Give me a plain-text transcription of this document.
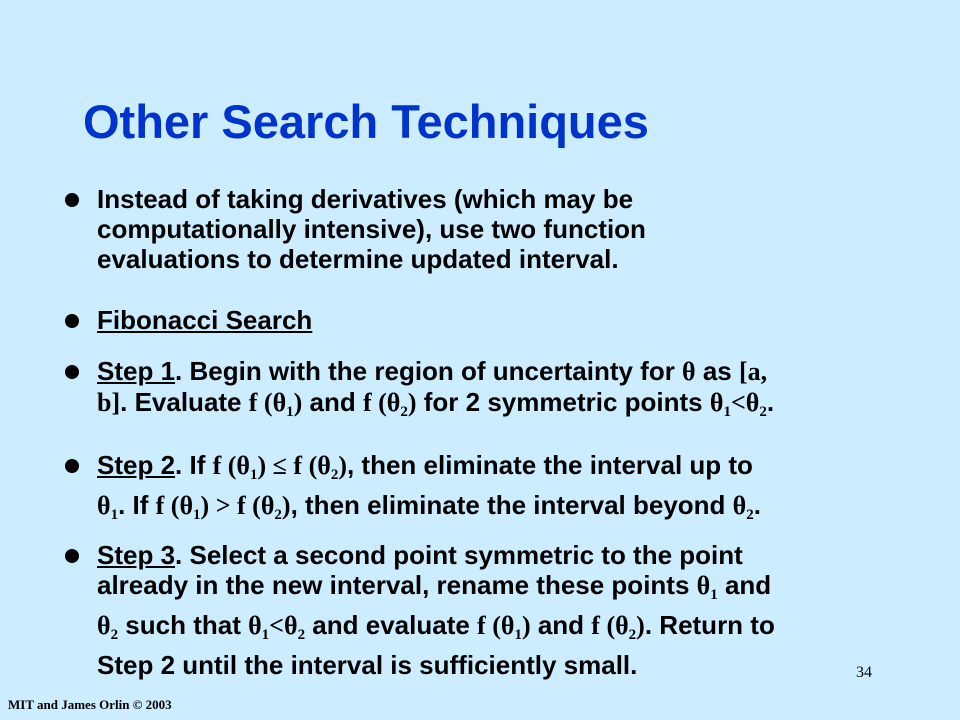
Other Search Techniques
Instead of taking derivatives (which may be
computationally intensive), use two function
evaluations to determine updated interval.
Fibonacci Search
Step 1. Begin with the region of uncertainty for θ as [a,
b]. Evaluate f $(\theta_1)$ and f $(\theta_2)$ for 2 symmetric points $\theta_1<\theta_2$.
Step 2. If f $(\theta_1) \le f$ $(\theta_2)$, then eliminate the interval up to
$\theta_1$. If f $(\theta_1) > f$ $(\theta_2)$, then eliminate the interval beyond $\theta_2$.
Step 3. Select a second point symmetric to the point
already in the new interval, rename these points $\theta_1$ and
$\theta_2$ such that $\theta_1<\theta_2$ and evaluate f $(\theta_1)$ and f $(\theta_2)$. Return to
Step 2 until the interval is sufficiently small.	34
MIT and James Orlin © 2003
